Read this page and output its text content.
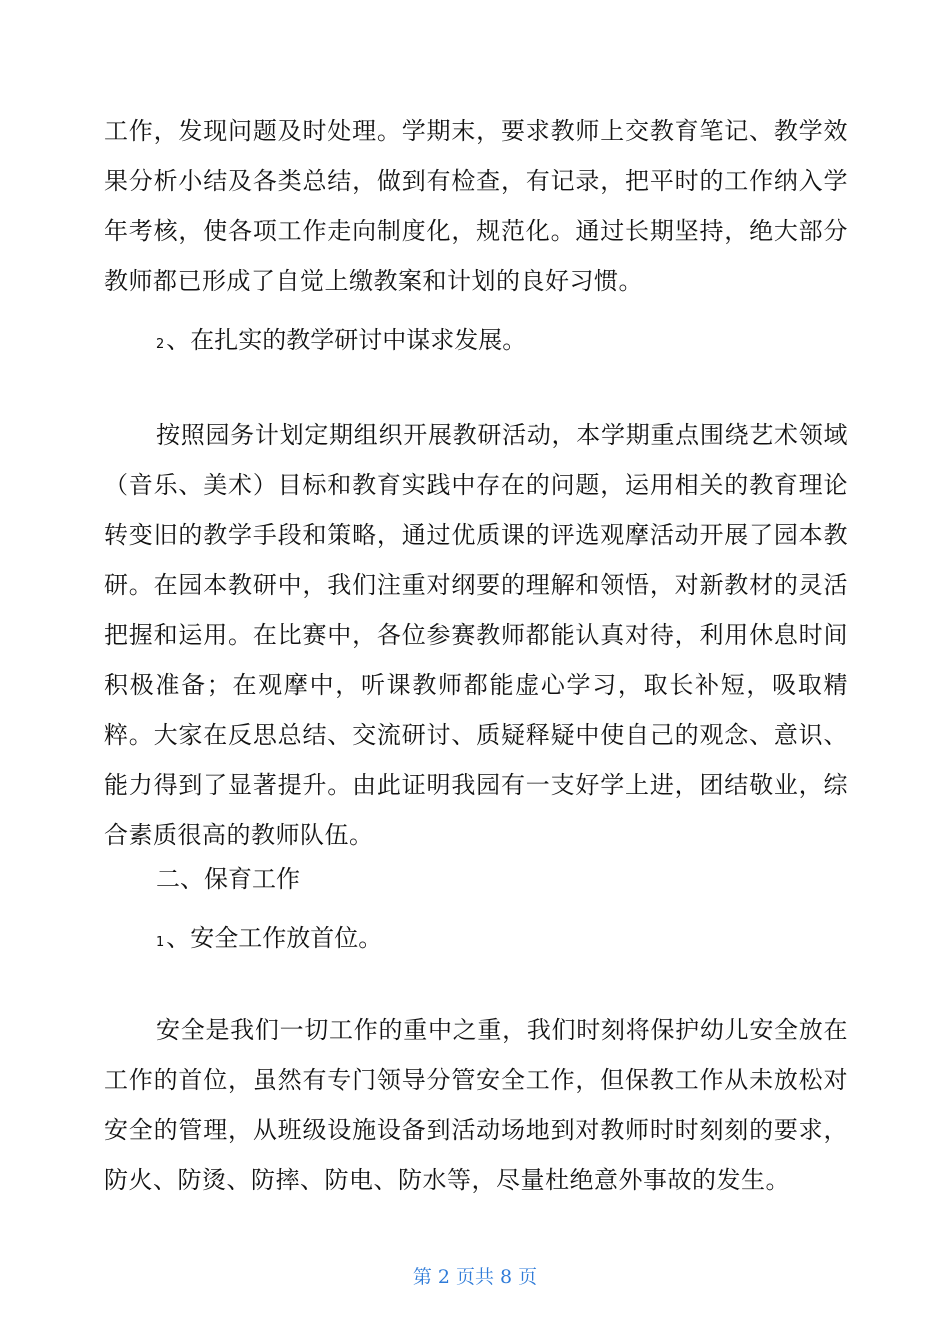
工作，发现问题及时处理。学期末，要求教师上交教育笔记、教学效果分析小结及各类总结，做到有检查，有记录，把平时的工作纳入学年考核，使各项工作走向制度化，规范化。通过长期坚持，绝大部分教师都已形成了自觉上缴教案和计划的良好习惯。

2、在扎实的教学研讨中谋求发展。

按照园务计划定期组织开展教研活动，本学期重点围绕艺术领域（音乐、美术）目标和教育实践中存在的问题，运用相关的教育理论转变旧的教学手段和策略，通过优质课的评选观摩活动开展了园本教研。在园本教研中，我们注重对纲要的理解和领悟，对新教材的灵活把握和运用。在比赛中，各位参赛教师都能认真对待，利用休息时间积极准备；在观摩中，听课教师都能虚心学习，取长补短，吸取精粹。大家在反思总结、交流研讨、质疑释疑中使自己的观念、意识、能力得到了显著提升。由此证明我园有一支好学上进，团结敬业，综合素质很高的教师队伍。

二、保育工作

1、安全工作放首位。

安全是我们一切工作的重中之重，我们时刻将保护幼儿安全放在工作的首位，虽然有专门领导分管安全工作，但保教工作从未放松对安全的管理，从班级设施设备到活动场地到对教师时时刻刻的要求，防火、防烫、防摔、防电、防水等，尽量杜绝意外事故的发生。

第 2 页共 8 页
